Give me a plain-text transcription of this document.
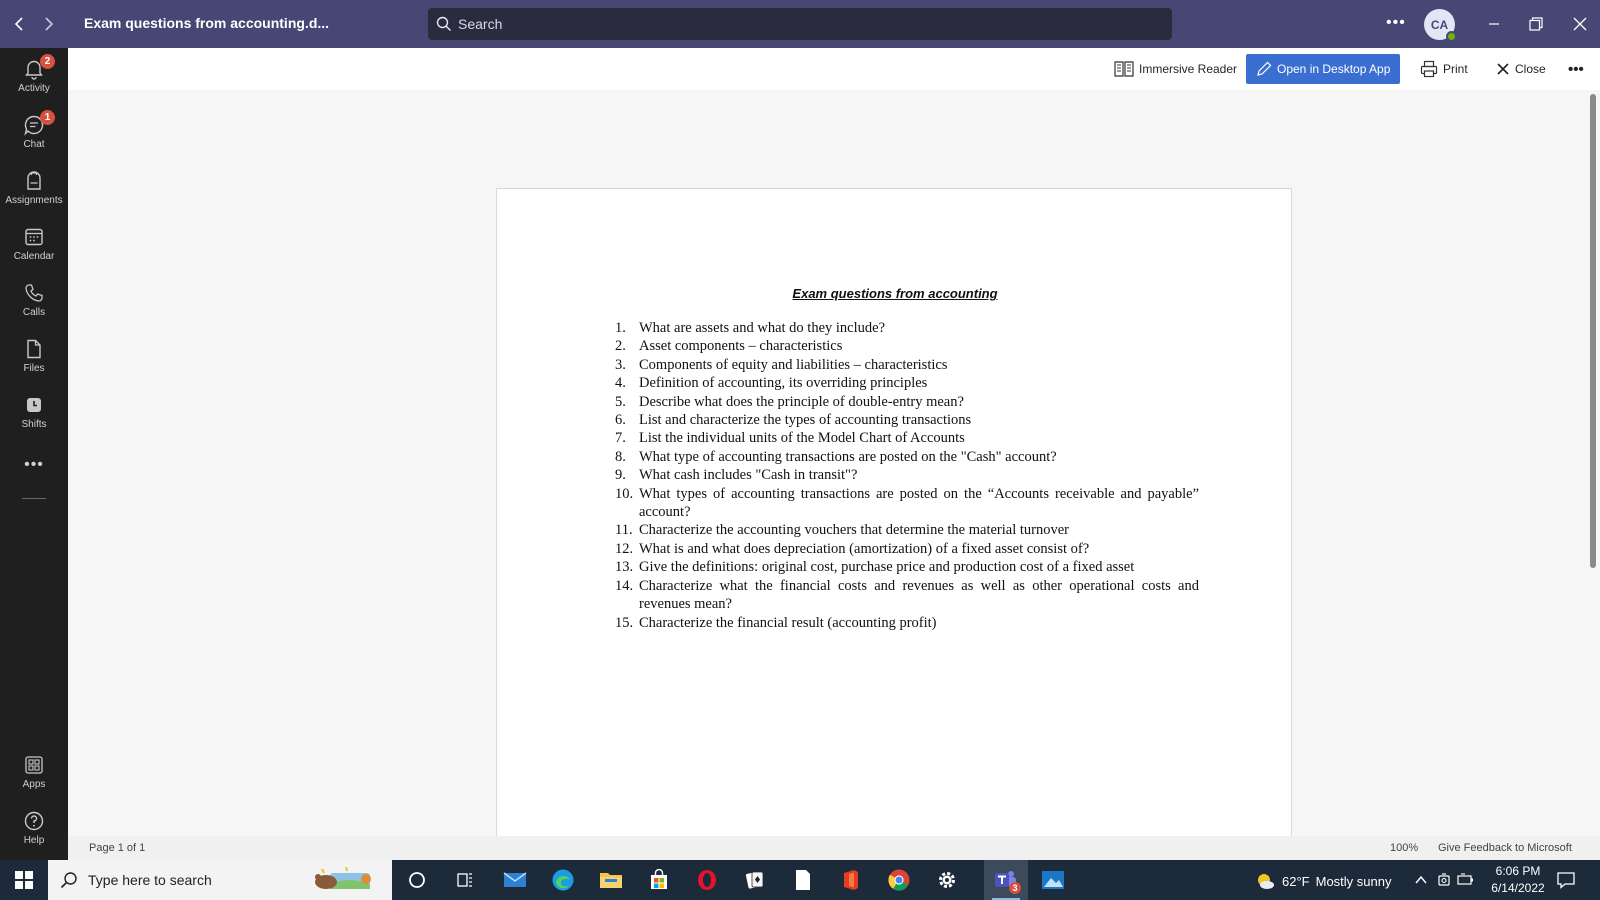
Exam questions from accounting.d...
Search	••• CA
2
Activity
1
Chat
Assignments
Calendar
Calls
Files
Shifts
•••
Apps
Help
Immersive Reader	Open in Desktop App	Print	Close •••
Exam questions from accounting
1. What are assets and what do they include?
2. Asset components – characteristics
3. Components of equity and liabilities – characteristics
4. Definition of accounting, its overriding principles
5. Describe what does the principle of double-entry mean?
6. List and characterize the types of accounting transactions
7. List the individual units of the Model Chart of Accounts
8. What type of accounting transactions are posted on the "Cash" account?
9. What cash includes "Cash in transit"?
10. What types of accounting transactions are posted on the “Accounts receivable and payable” account?
11. Characterize the accounting vouchers that determine the material turnover
12. What is and what does depreciation (amortization) of a fixed asset consist of?
13. Give the definitions: original cost, purchase price and production cost of a fixed asset
14. Characterize what the financial costs and revenues as well as other operational costs and revenues mean?
15. Characterize the financial result (accounting profit)
Page 1 of 1	100% Give Feedback to Microsoft
Type here to search
3	62°F Mostly sunny

6:06 PM
6/14/2022
